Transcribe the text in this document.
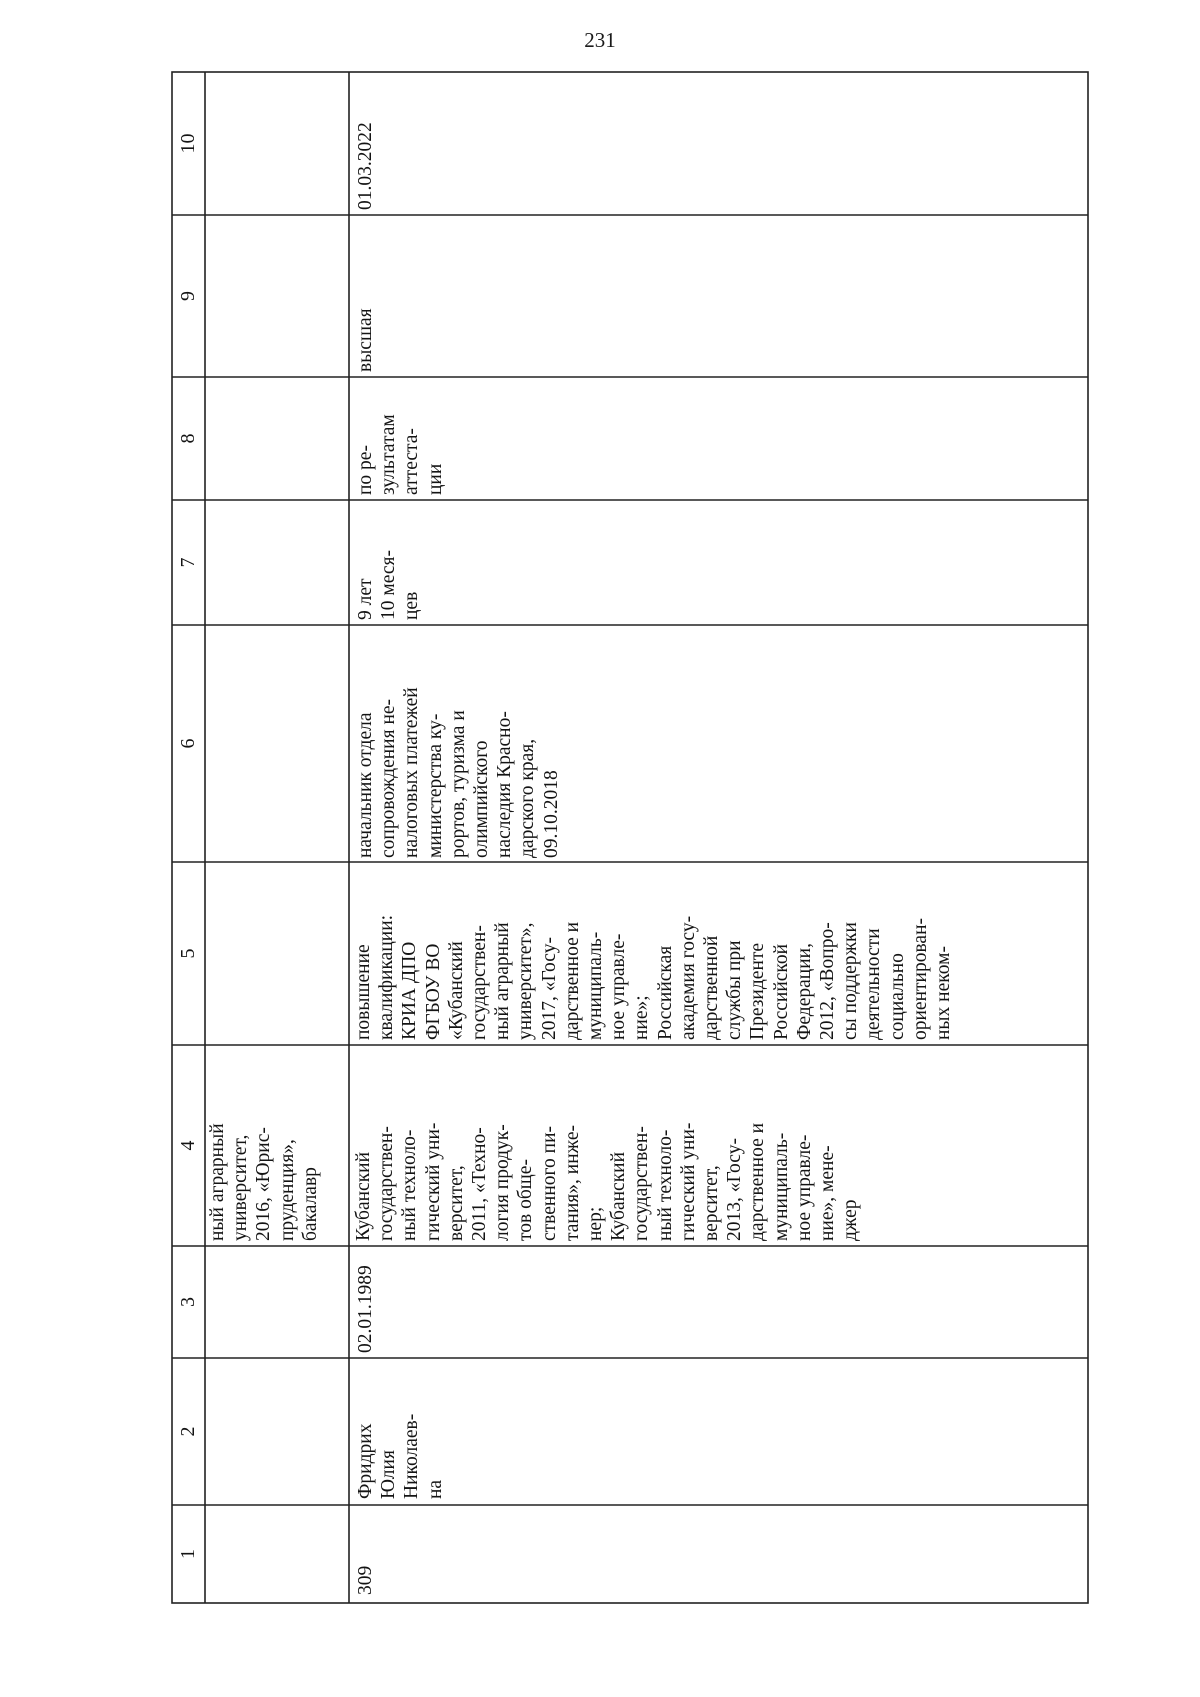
231
1
2
3
4
5
6
7
8
9
10
ный аграрный университет, 2016, «Юрис- пруденция», бакалавр
309
Фридрих Юлия Николаев- на
02.01.1989
Кубанский государствен- ный техноло- гический уни- верситет, 2011, «Техно- логия продук- тов обще- ственного пи- тания», инже- нер; Кубанский государствен- ный техноло- гический уни- верситет, 2013, «Госу- дарственное и муниципаль- ное управле- ние», мене- джер
повышение квалификации: КРИА ДПО ФГБОУ ВО «Кубанский государствен- ный аграрный университет», 2017, «Госу- дарственное и муниципаль- ное управле- ние»; Российская академия госу- дарственной службы при Президенте Российской Федерации, 2012, «Вопро- сы поддержки деятельности социально ориентирован- ных неком-
начальник отдела сопровождения не- налоговых платежей министерства ку- рортов, туризма и олимпийского наследия Красно- дарского края, 09.10.2018
9 лет 10 меся- цев
по ре- зультатам аттеста- ции
высшая
01.03.2022
